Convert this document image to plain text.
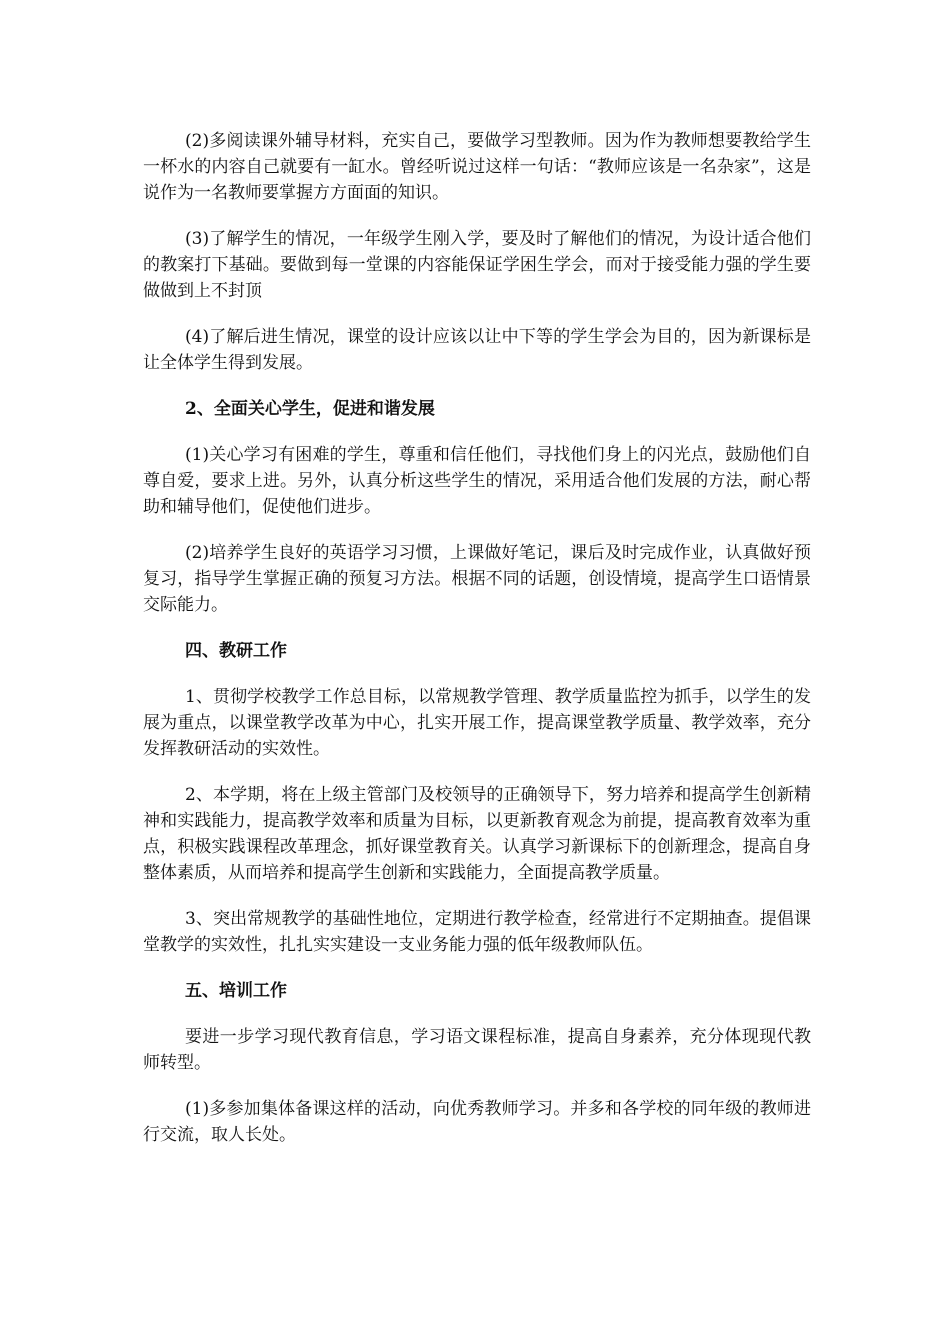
(2)多阅读课外辅导材料，充实自己，要做学习型教师。因为作为教师想要教给学生一杯水的内容自己就要有一缸水。曾经听说过这样一句话：“教师应该是一名杂家”，这是说作为一名教师要掌握方方面面的知识。

(3)了解学生的情况，一年级学生刚入学，要及时了解他们的情况，为设计适合他们的教案打下基础。要做到每一堂课的内容能保证学困生学会，而对于接受能力强的学生要做做到上不封顶

(4)了解后进生情况，课堂的设计应该以让中下等的学生学会为目的，因为新课标是让全体学生得到发展。

2、全面关心学生，促进和谐发展

(1)关心学习有困难的学生，尊重和信任他们，寻找他们身上的闪光点，鼓励他们自尊自爱，要求上进。另外，认真分析这些学生的情况，采用适合他们发展的方法，耐心帮助和辅导他们，促使他们进步。

(2)培养学生良好的英语学习习惯，上课做好笔记，课后及时完成作业，认真做好预复习，指导学生掌握正确的预复习方法。根据不同的话题，创设情境，提高学生口语情景交际能力。

四、教研工作

1、贯彻学校教学工作总目标，以常规教学管理、教学质量监控为抓手，以学生的发展为重点，以课堂教学改革为中心，扎实开展工作，提高课堂教学质量、教学效率，充分发挥教研活动的实效性。

2、本学期，将在上级主管部门及校领导的正确领导下，努力培养和提高学生创新精神和实践能力，提高教学效率和质量为目标，以更新教育观念为前提，提高教育效率为重点，积极实践课程改革理念，抓好课堂教育关。认真学习新课标下的创新理念，提高自身整体素质，从而培养和提高学生创新和实践能力，全面提高教学质量。

3、突出常规教学的基础性地位，定期进行教学检查，经常进行不定期抽查。提倡课堂教学的实效性，扎扎实实建设一支业务能力强的低年级教师队伍。

五、培训工作

要进一步学习现代教育信息，学习语文课程标准，提高自身素养，充分体现现代教师转型。

(1)多参加集体备课这样的活动，向优秀教师学习。并多和各学校的同年级的教师进行交流，取人长处。
